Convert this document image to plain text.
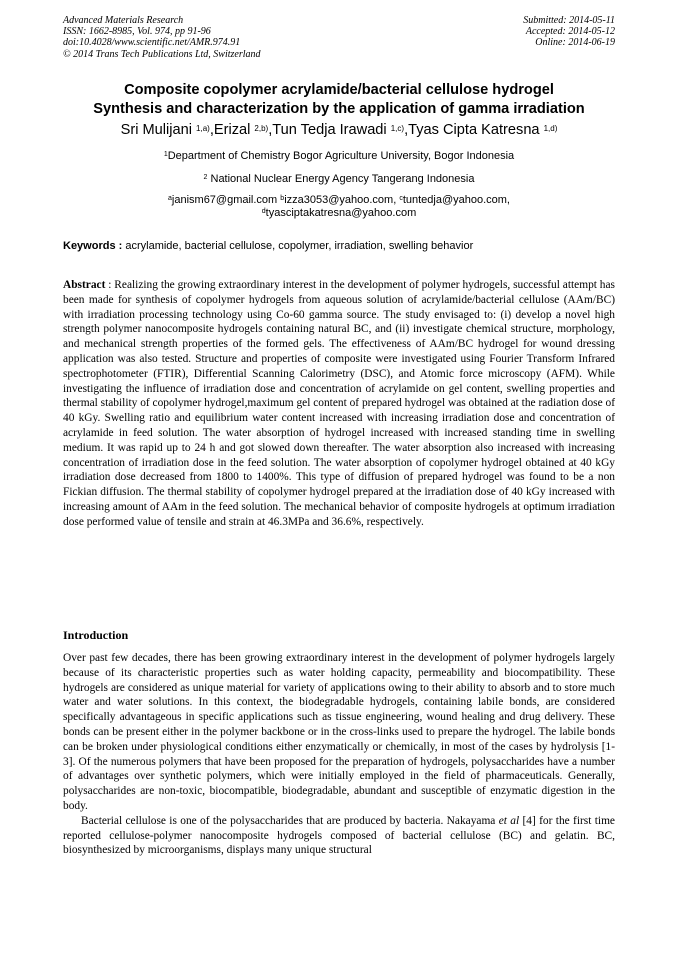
Advanced Materials Research
ISSN: 1662-8985, Vol. 974, pp 91-96
doi:10.4028/www.scientific.net/AMR.974.91
© 2014 Trans Tech Publications Ltd, Switzerland
Submitted: 2014-05-11
Accepted: 2014-05-12
Online: 2014-06-19
Composite copolymer acrylamide/bacterial cellulose hydrogel
Synthesis and characterization by the application of gamma irradiation
Sri Mulijani $^{1,a)}$,Erizal $^{2,b)}$,Tun Tedja Irawadi $^{1,c)}$,Tyas Cipta Katresna $^{1,d)}$
$^1$Department of Chemistry Bogor Agriculture University, Bogor Indonesia
$^2$ National Nuclear Energy Agency Tangerang Indonesia
$^a$janism67@gmail.com $^b$izza3053@yahoo.com, $^c$tuntedja@yahoo.com,
$^d$tyasciptakatresna@yahoo.com
Keywords : acrylamide, bacterial cellulose, copolymer, irradiation, swelling behavior
Abstract : Realizing the growing extraordinary interest in the development of polymer hydrogels, successful attempt has been made for synthesis of copolymer hydrogels from aqueous solution of acrylamide/bacterial cellulose (AAm/BC) with irradiation processing technology using Co-60 gamma source. The study envisaged to: (i) develop a novel high strength polymer nanocomposite hydrogels containing natural BC, and (ii) investigate chemical structure, morphology, and mechanical strength properties of the formed gels. The effectiveness of AAm/BC hydrogel for wound dressing application was also tested. Structure and properties of composite were investigated using Fourier Transform Infrared spectrophotometer (FTIR), Differential Scanning Calorimetry (DSC), and Atomic force microscopy (AFM). While investigating the influence of irradiation dose and concentration of acrylamide on gel content, swelling properties and thermal stability of copolymer hydrogel,maximum gel content of prepared hydrogel was obtained at the radiation dose of 40 kGy. Swelling ratio and equilibrium water content increased with increasing irradiation dose and concentration of acrylamide in feed solution. The water absorption of hydrogel increased with increased standing time in swelling medium. It was rapid up to 24 h and got slowed down thereafter. The water absorption also increased with increasing concentration of irradiation dose in the feed solution. The water absorption of copolymer hydrogel obtained at 40 kGy irradiation dose decreased from 1800 to 1400%. This type of diffusion of prepared hydrogel was found to be a non Fickian diffusion. The thermal stability of copolymer hydrogel prepared at the irradiation dose of 40 kGy increased with increasing amount of AAm in the feed solution. The mechanical behavior of composite hydrogels at optimum irradiation dose performed value of tensile and strain at 46.3MPa and 36.6%, respectively.
Introduction

Over past few decades, there has been growing extraordinary interest in the development of polymer hydrogels largely because of its characteristic properties such as water holding capacity, permeability and biocompatibility. These hydrogels are considered as unique material for variety of applications owing to their ability to absorb and to store much water and water solutions. In this context, the biodegradable hydrogels, containing labile bonds, are considered specifically advantageous in specific applications such as tissue engineering, wound healing and drug delivery. These bonds can be present either in the polymer backbone or in the cross-links used to prepare the hydrogel. The labile bonds can be broken under physiological conditions either enzymatically or chemically, in most of the cases by hydrolysis [1-3]. Of the numerous polymers that have been proposed for the preparation of hydrogels, polysaccharides have a number of advantages over synthetic polymers, which were initially employed in the field of pharmaceuticals. Generally, polysaccharides are non-toxic, biocompatible, biodegradable, abundant and susceptible of enzymatic digestion in the body.

Bacterial cellulose is one of the polysaccharides that are produced by bacteria. Nakayama et al [4] for the first time reported cellulose-polymer nanocomposite hydrogels composed of bacterial cellulose (BC) and gelatin. BC, biosynthesized by microorganisms, displays many unique structural
